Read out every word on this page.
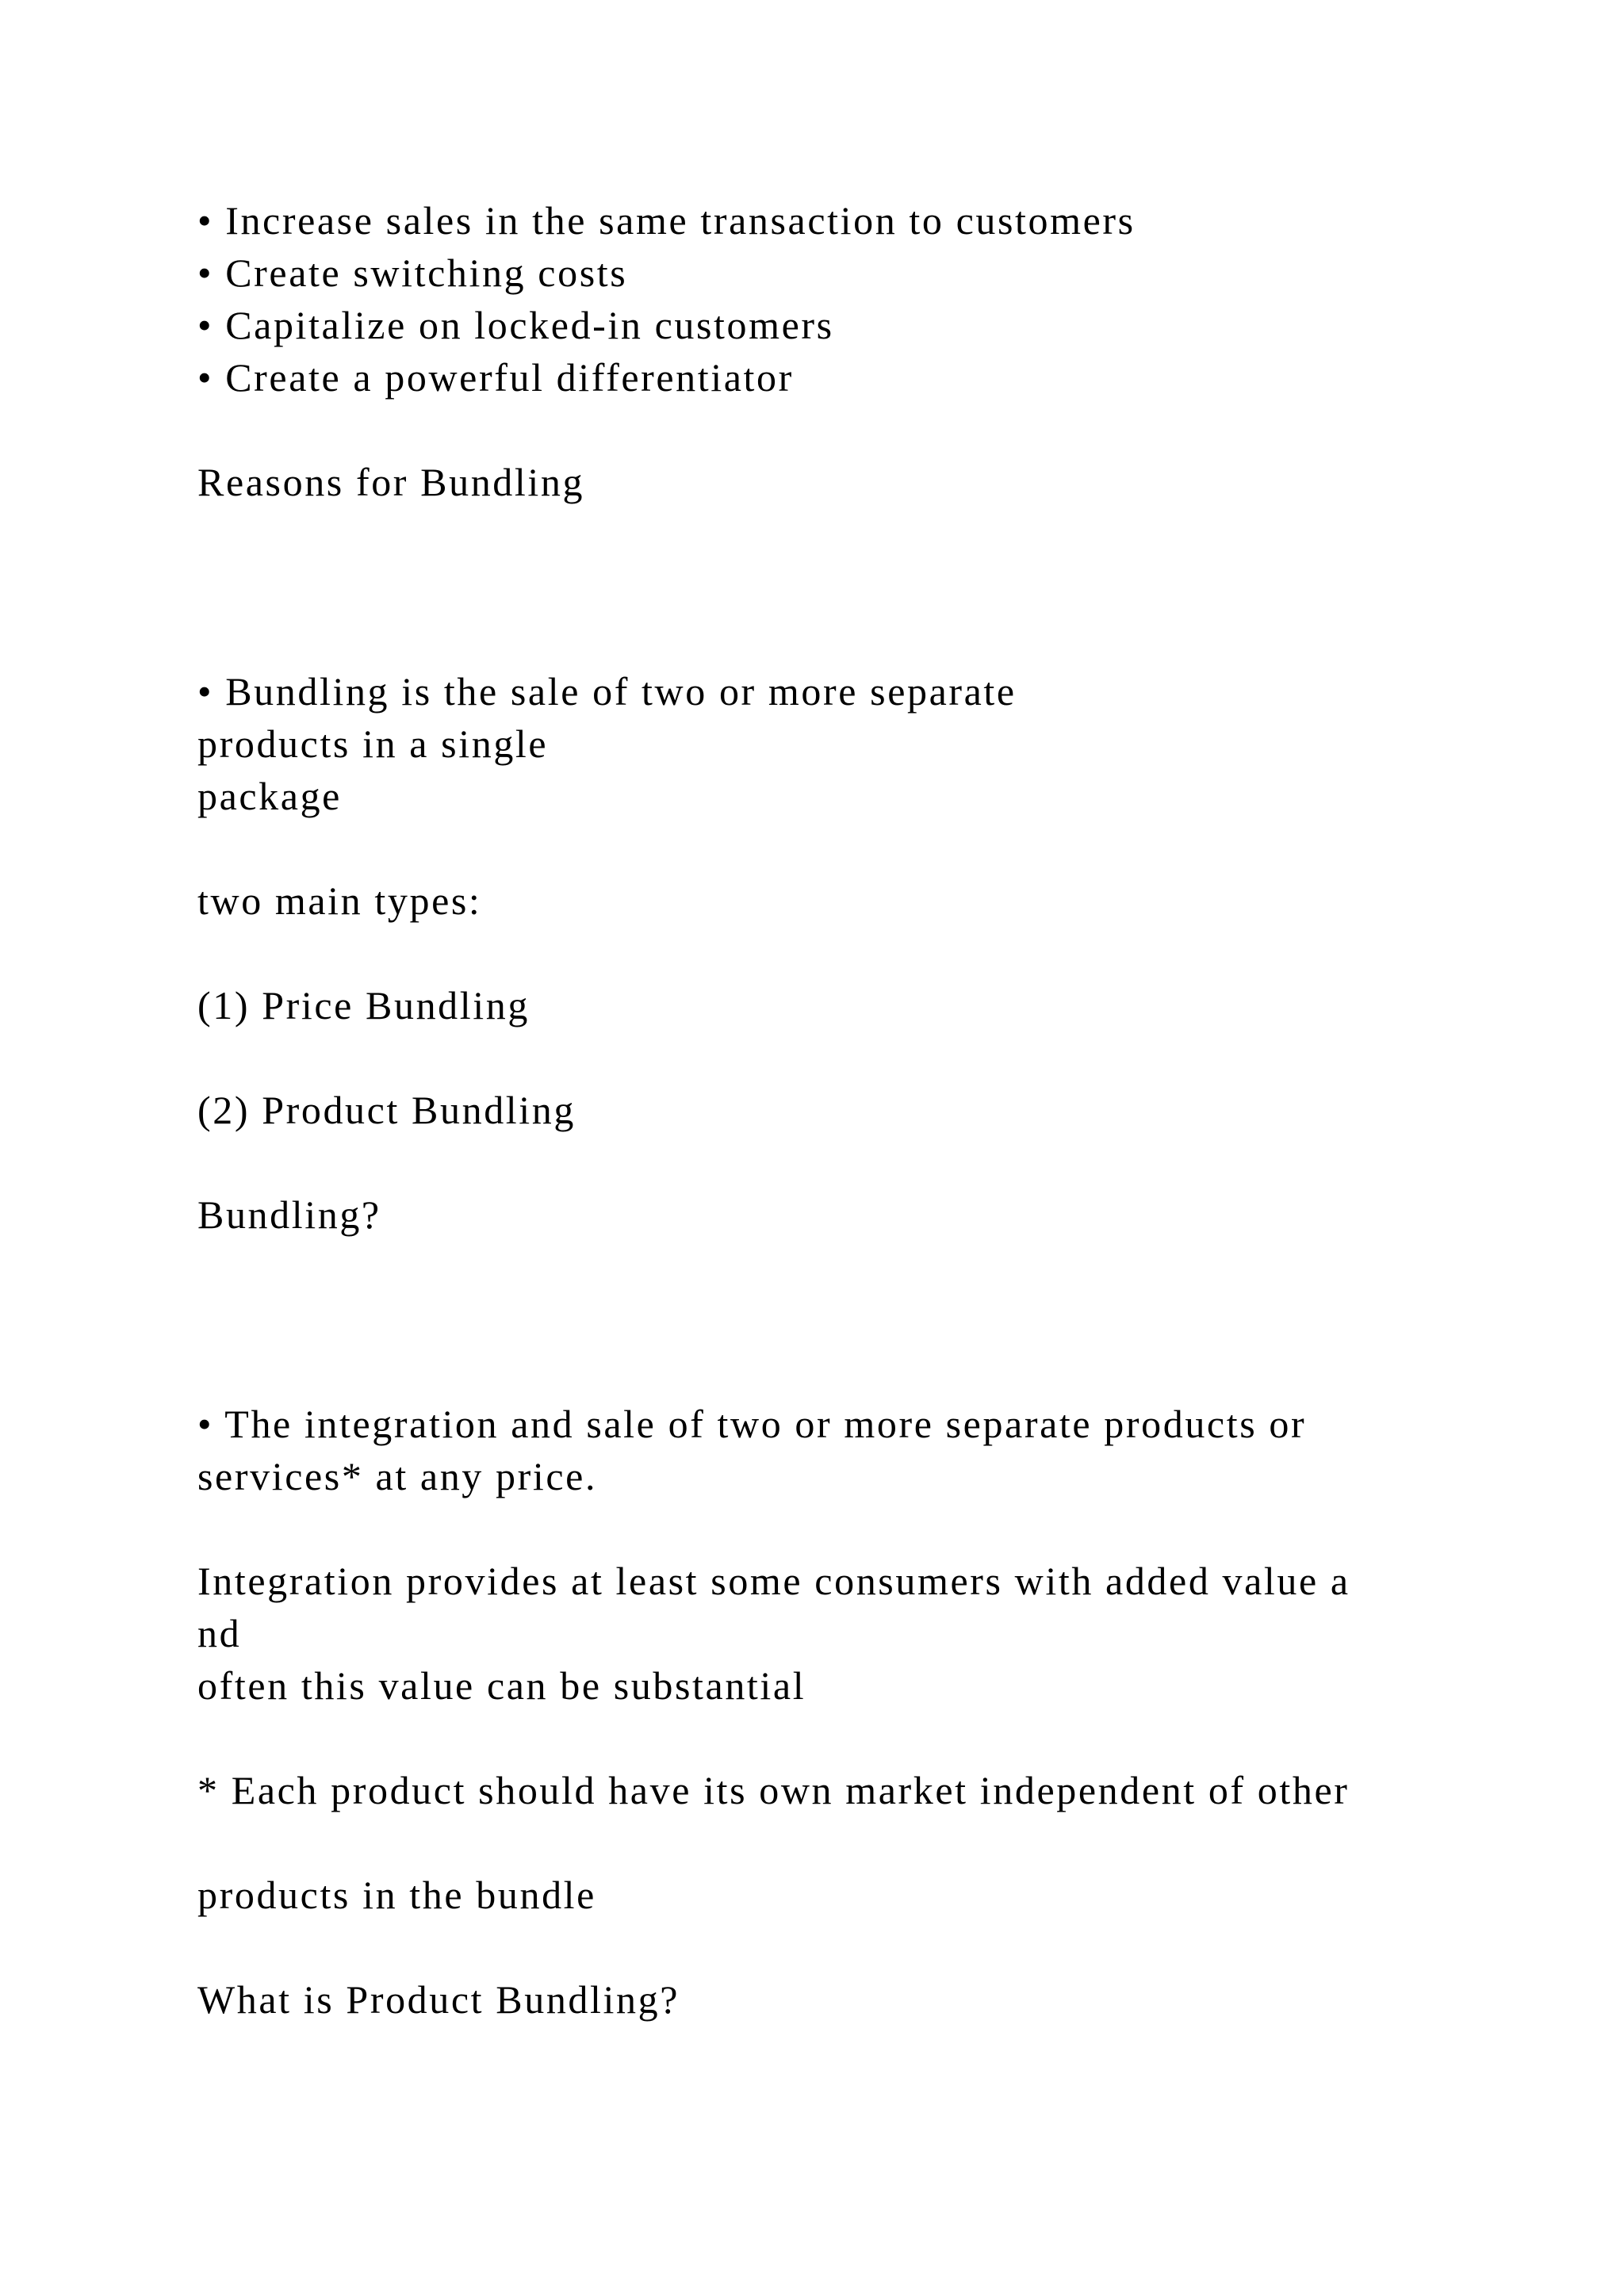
• Increase sales in the same transaction to customers
• Create switching costs
• Capitalize on locked-in customers
• Create a powerful differentiator
Reasons for Bundling
• Bundling is the sale of two or more separate
products in a single
package
two main types:
(1) Price Bundling
(2) Product Bundling
Bundling?
• The integration and sale of two or more separate products or
services* at any price.
Integration provides at least some consumers with added value a
nd
often this value can be substantial
* Each product should have its own market independent of other
products in the bundle
What is Product Bundling?
